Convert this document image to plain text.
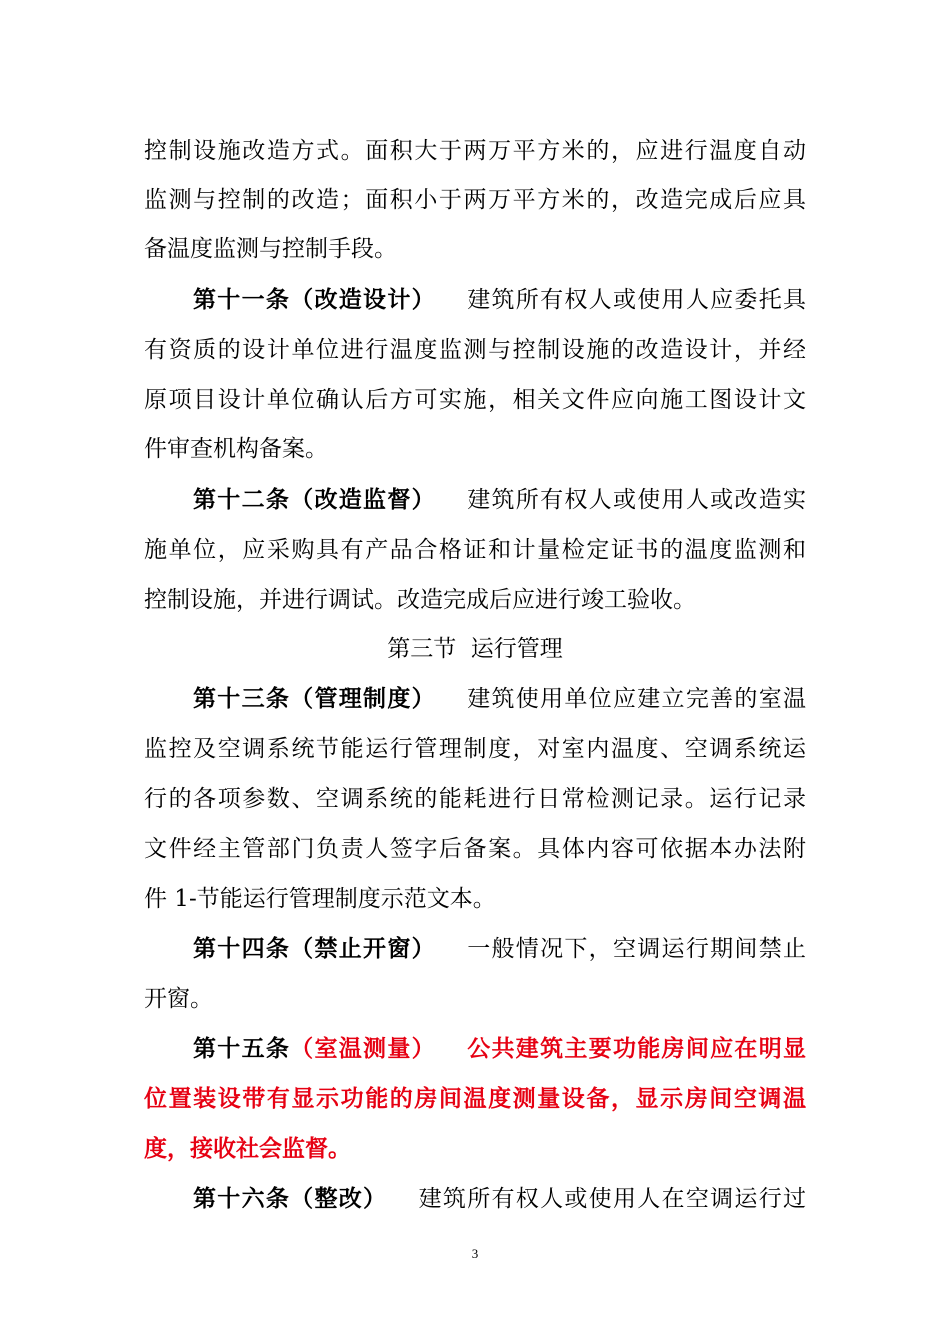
控制设施改造方式。面积大于两万平方米的，应进行温度自动
监测与控制的改造；面积小于两万平方米的，改造完成后应具
备温度监测与控制手段。
第十一条（改造设计） 建筑所有权人或使用人应委托具
有资质的设计单位进行温度监测与控制设施的改造设计，并经
原项目设计单位确认后方可实施，相关文件应向施工图设计文
件审查机构备案。
第十二条（改造监督） 建筑所有权人或使用人或改造实
施单位，应采购具有产品合格证和计量检定证书的温度监测和
控制设施，并进行调试。改造完成后应进行竣工验收。
第三节  运行管理
第十三条（管理制度） 建筑使用单位应建立完善的室温
监控及空调系统节能运行管理制度，对室内温度、空调系统运
行的各项参数、空调系统的能耗进行日常检测记录。运行记录
文件经主管部门负责人签字后备案。具体内容可依据本办法附
件 1-节能运行管理制度示范文本。
第十四条（禁止开窗） 一般情况下，空调运行期间禁止
开窗。
第十五条（室温测量） 公共建筑主要功能房间应在明显
位置装设带有显示功能的房间温度测量设备，显示房间空调温
度，接收社会监督。
第十六条（整改） 建筑所有权人或使用人在空调运行过
3
